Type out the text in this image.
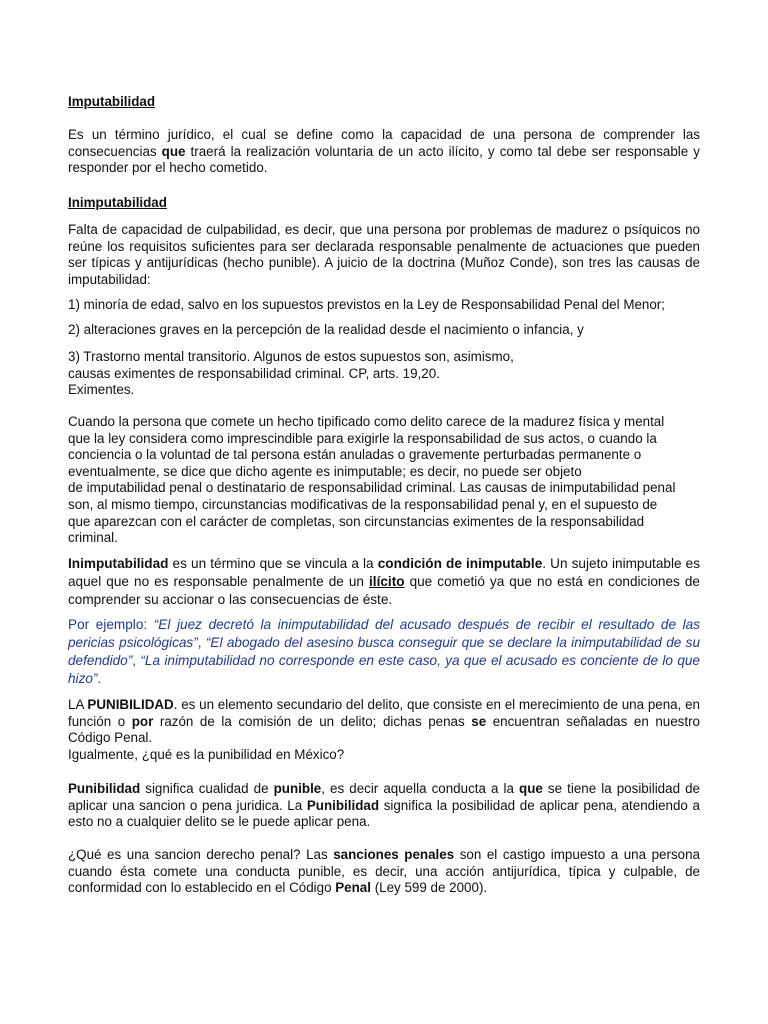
Imputabilidad
Es un término jurídico, el cual se define como la capacidad de una persona de comprender las consecuencias que traerá la realización voluntaria de un acto ilícito, y como tal debe ser responsable y responder por el hecho cometido.
Inimputabilidad
Falta de capacidad de culpabilidad, es decir, que una persona por problemas de madurez o psíquicos no reúne los requisitos suficientes para ser declarada responsable penalmente de actuaciones que pueden ser típicas y antijurídicas (hecho punible). A juicio de la doctrina (Muñoz Conde), son tres las causas de imputabilidad:
1) minoría de edad, salvo en los supuestos previstos en la Ley de Responsabilidad Penal del Menor;
2) alteraciones graves en la percepción de la realidad desde el nacimiento o infancia, y
3) Trastorno mental transitorio. Algunos de estos supuestos son, asimismo,
causas eximentes de responsabilidad criminal. CP, arts. 19,20.
Eximentes.
Cuando la persona que comete un hecho tipificado como delito carece de la madurez física y mental
que la ley considera como imprescindible para exigirle la responsabilidad de sus actos, o cuando la
conciencia o la voluntad de tal persona están anuladas o gravemente perturbadas permanente o
eventualmente, se dice que dicho agente es inimputable; es decir, no puede ser objeto
de imputabilidad penal o destinatario de responsabilidad criminal. Las causas de inimputabilidad penal
son, al mismo tiempo, circunstancias modificativas de la responsabilidad penal y, en el supuesto de
que aparezcan con el carácter de completas, son circunstancias eximentes de la responsabilidad
criminal.
Inimputabilidad es un término que se vincula a la condición de inimputable. Un sujeto inimputable es aquel que no es responsable penalmente de un ilícito que cometió ya que no está en condiciones de comprender su accionar o las consecuencias de éste.
Por ejemplo: “El juez decretó la inimputabilidad del acusado después de recibir el resultado de las pericias psicológicas”, “El abogado del asesino busca conseguir que se declare la inimputabilidad de su defendido”, “La inimputabilidad no corresponde en este caso, ya que el acusado es conciente de lo que hizo”.
LA PUNIBILIDAD. es un elemento secundario del delito, que consiste en el merecimiento de una pena, en función o por razón de la comisión de un delito; dichas penas se encuentran señaladas en nuestro Código Penal.
Igualmente, ¿qué es la punibilidad en México?
Punibilidad significa cualidad de punible, es decir aquella conducta a la que se tiene la posibilidad de aplicar una sancion o pena juridica. La Punibilidad significa la posibilidad de aplicar pena, atendiendo a esto no a cualquier delito se le puede aplicar pena.
¿Qué es una sancion derecho penal? Las sanciones penales son el castigo impuesto a una persona cuando ésta comete una conducta punible, es decir, una acción antijurídica, típica y culpable, de conformidad con lo establecido en el Código Penal (Ley 599 de 2000).
